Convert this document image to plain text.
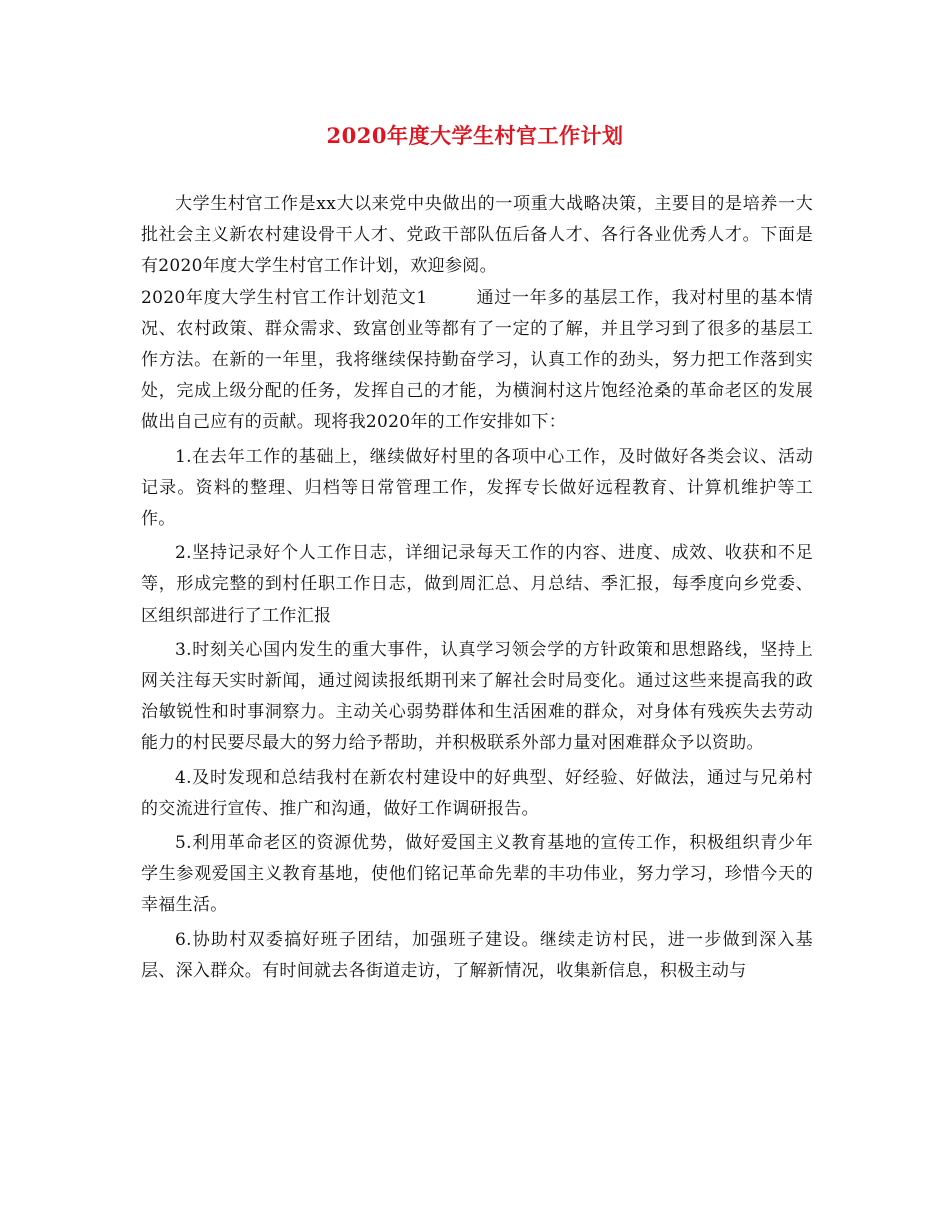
2020年度大学生村官工作计划

大学生村官工作是xx大以来党中央做出的一项重大战略决策，主要目的是培养一大批社会主义新农村建设骨干人才、党政干部队伍后备人才、各行各业优秀人才。下面是有2020年度大学生村官工作计划，欢迎参阅。

2020年度大学生村官工作计划范文1	通过一年多的基层工作，我对村里的基本情况、农村政策、群众需求、致富创业等都有了一定的了解，并且学习到了很多的基层工作方法。在新的一年里，我将继续保持勤奋学习，认真工作的劲头，努力把工作落到实处，完成上级分配的任务，发挥自己的才能，为横涧村这片饱经沧桑的革命老区的发展做出自己应有的贡献。现将我2020年的工作安排如下：

1.在去年工作的基础上，继续做好村里的各项中心工作，及时做好各类会议、活动记录。资料的整理、归档等日常管理工作，发挥专长做好远程教育、计算机维护等工作。

2.坚持记录好个人工作日志，详细记录每天工作的内容、进度、成效、收获和不足等，形成完整的到村任职工作日志，做到周汇总、月总结、季汇报，每季度向乡党委、区组织部进行了工作汇报

3.时刻关心国内发生的重大事件，认真学习领会学的方针政策和思想路线，坚持上网关注每天实时新闻，通过阅读报纸期刊来了解社会时局变化。通过这些来提高我的政治敏锐性和时事洞察力。主动关心弱势群体和生活困难的群众，对身体有残疾失去劳动能力的村民要尽最大的努力给予帮助，并积极联系外部力量对困难群众予以资助。

4.及时发现和总结我村在新农村建设中的好典型、好经验、好做法，通过与兄弟村的交流进行宣传、推广和沟通，做好工作调研报告。

5.利用革命老区的资源优势，做好爱国主义教育基地的宣传工作，积极组织青少年学生参观爱国主义教育基地，使他们铭记革命先辈的丰功伟业，努力学习，珍惜今天的幸福生活。

6.协助村双委搞好班子团结，加强班子建设。继续走访村民，进一步做到深入基层、深入群众。有时间就去各街道走访，了解新情况，收集新信息，积极主动与
